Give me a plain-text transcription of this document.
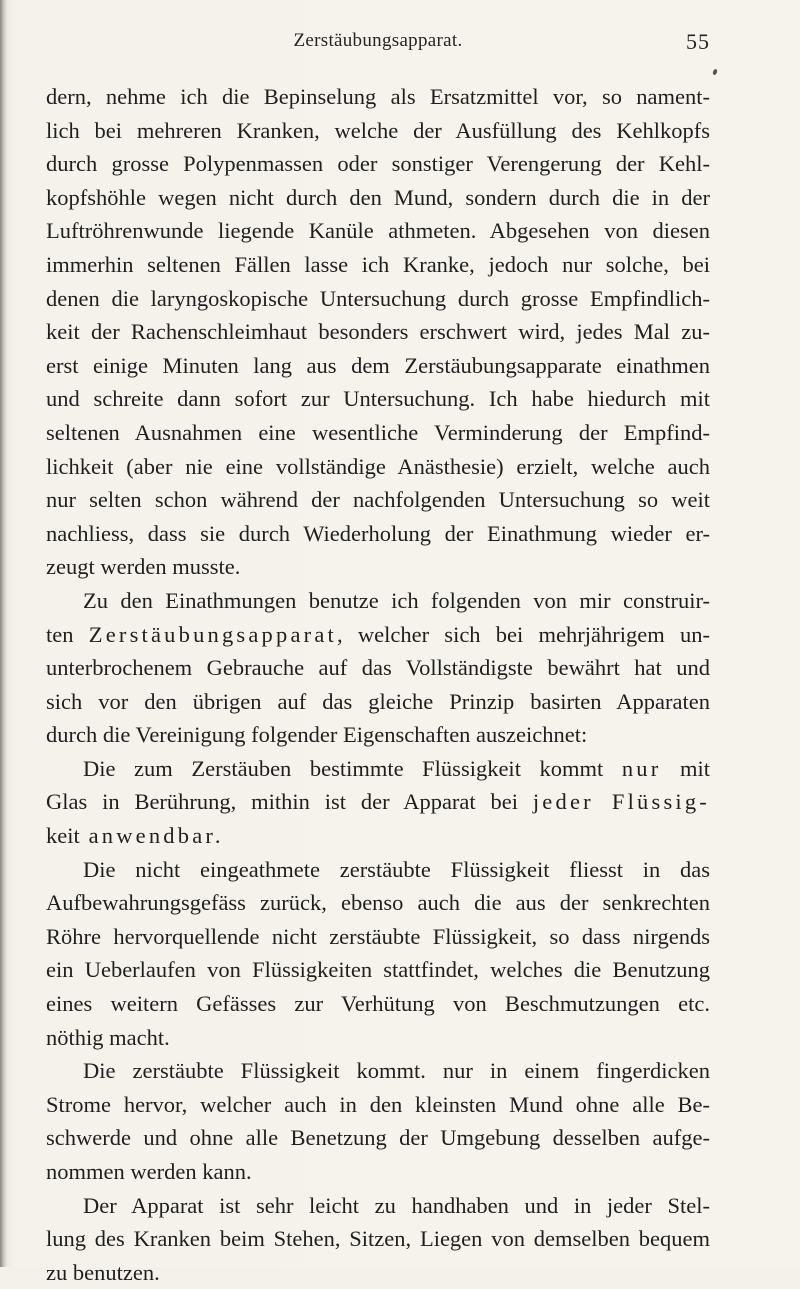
Zerstäubungsapparat.	55
dern, nehme ich die Bepinselung als Ersatzmittel vor, so nament-
lich bei mehreren Kranken, welche der Ausfüllung des Kehlkopfs
durch grosse Polypenmassen oder sonstiger Verengerung der Kehl-
kopfshöhle wegen nicht durch den Mund, sondern durch die in der
Luftröhrenwunde liegende Kanüle athmeten. Abgesehen von diesen
immerhin seltenen Fällen lasse ich Kranke, jedoch nur solche, bei
denen die laryngoskopische Untersuchung durch grosse Empfindlich-
keit der Rachenschleimhaut besonders erschwert wird, jedes Mal zu-
erst einige Minuten lang aus dem Zerstäubungsapparate einathmen
und schreite dann sofort zur Untersuchung. Ich habe hiedurch mit
seltenen Ausnahmen eine wesentliche Verminderung der Empfind-
lichkeit (aber nie eine vollständige Anästhesie) erzielt, welche auch
nur selten schon während der nachfolgenden Untersuchung so weit
nachliess, dass sie durch Wiederholung der Einathmung wieder er-
zeugt werden musste.
Zu den Einathmungen benutze ich folgenden von mir construir-
ten Zerstäubungsapparat, welcher sich bei mehrjährigem un-
unterbrochenem Gebrauche auf das Vollständigste bewährt hat und
sich vor den übrigen auf das gleiche Prinzip basirten Apparaten
durch die Vereinigung folgender Eigenschaften auszeichnet:
Die zum Zerstäuben bestimmte Flüssigkeit kommt nur mit
Glas in Berührung, mithin ist der Apparat bei jeder Flüssig-
keit anwendbar.
Die nicht eingeathmete zerstäubte Flüssigkeit fliesst in das
Aufbewahrungsgefäss zurück, ebenso auch die aus der senkrechten
Röhre hervorquellende nicht zerstäubte Flüssigkeit, so dass nirgends
ein Ueberlaufen von Flüssigkeiten stattfindet, welches die Benutzung
eines weitern Gefässes zur Verhütung von Beschmutzungen etc.
nöthig macht.
Die zerstäubte Flüssigkeit kommt. nur in einem fingerdicken
Strome hervor, welcher auch in den kleinsten Mund ohne alle Be-
schwerde und ohne alle Benetzung der Umgebung desselben aufge-
nommen werden kann.
Der Apparat ist sehr leicht zu handhaben und in jeder Stel-
lung des Kranken beim Stehen, Sitzen, Liegen von demselben bequem
zu benutzen.
